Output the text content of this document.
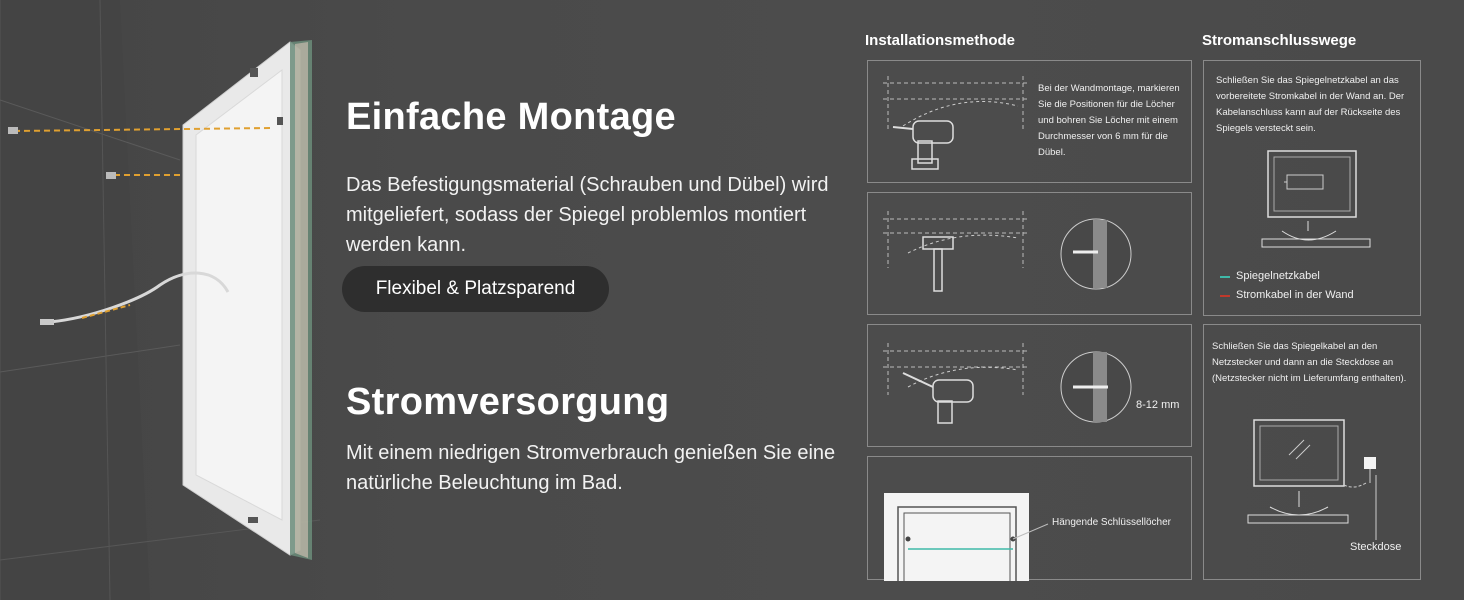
Einfache Montage
Das Befestigungsmaterial (Schrauben und Dübel) wird mitgeliefert, sodass der Spiegel problemlos montiert werden kann.
Flexibel & Platzsparend
Stromversorgung
Mit einem niedrigen Stromverbrauch genießen Sie eine natürliche Beleuchtung im Bad.
Installationsmethode
Bei der Wandmontage, markieren Sie die Positionen für die Löcher und bohren Sie Löcher mit einem Durchmesser von 6 mm für die Dübel.
8-12 mm
Hängende Schlüssellöcher
Stromanschlusswege
Schließen Sie das Spiegelnetzkabel an das vorbereitete Stromkabel in der Wand an. Der Kabelanschluss kann auf der Rückseite des Spiegels versteckt sein.
Spiegelnetzkabel
Stromkabel in der Wand
Schließen Sie das Spiegelkabel an den Netzstecker und dann an die Steckdose an (Netzstecker nicht im Lieferumfang enthalten).
Steckdose
